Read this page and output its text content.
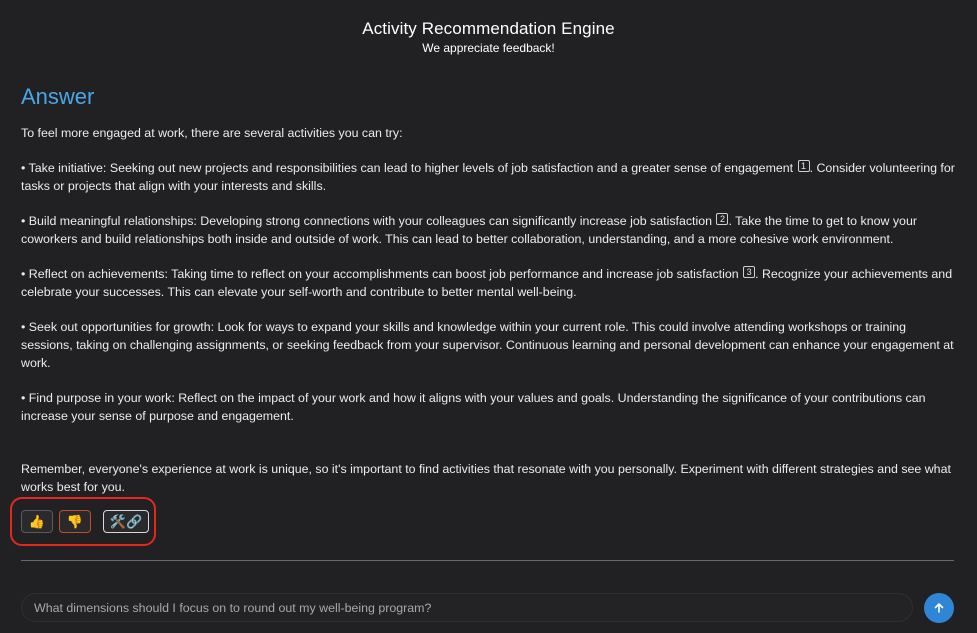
Activity Recommendation Engine
We appreciate feedback!
Answer

To feel more engaged at work, there are several activities you can try:

• Take initiative: Seeking out new projects and responsibilities can lead to higher levels of job satisfaction and a greater sense of engagement 1 . Consider volunteering for tasks or projects that align with your interests and skills.

• Build meaningful relationships: Developing strong connections with your colleagues can significantly increase job satisfaction 2 . Take the time to get to know your coworkers and build relationships both inside and outside of work. This can lead to better collaboration, understanding, and a more cohesive work environment.

• Reflect on achievements: Taking time to reflect on your accomplishments can boost job performance and increase job satisfaction 3 . Recognize your achievements and celebrate your successes. This can elevate your self-worth and contribute to better mental well-being.

• Seek out opportunities for growth: Look for ways to expand your skills and knowledge within your current role. This could involve attending workshops or training sessions, taking on challenging assignments, or seeking feedback from your supervisor. Continuous learning and personal development can enhance your engagement at work.

• Find purpose in your work: Reflect on the impact of your work and how it aligns with your values and goals. Understanding the significance of your contributions can increase your sense of purpose and engagement.

Remember, everyone's experience at work is unique, so it's important to find activities that resonate with you personally. Experiment with different strategies and see what works best for you.

👍 👎 🛠️🔗
What dimensions should I focus on to round out my well-being program?
